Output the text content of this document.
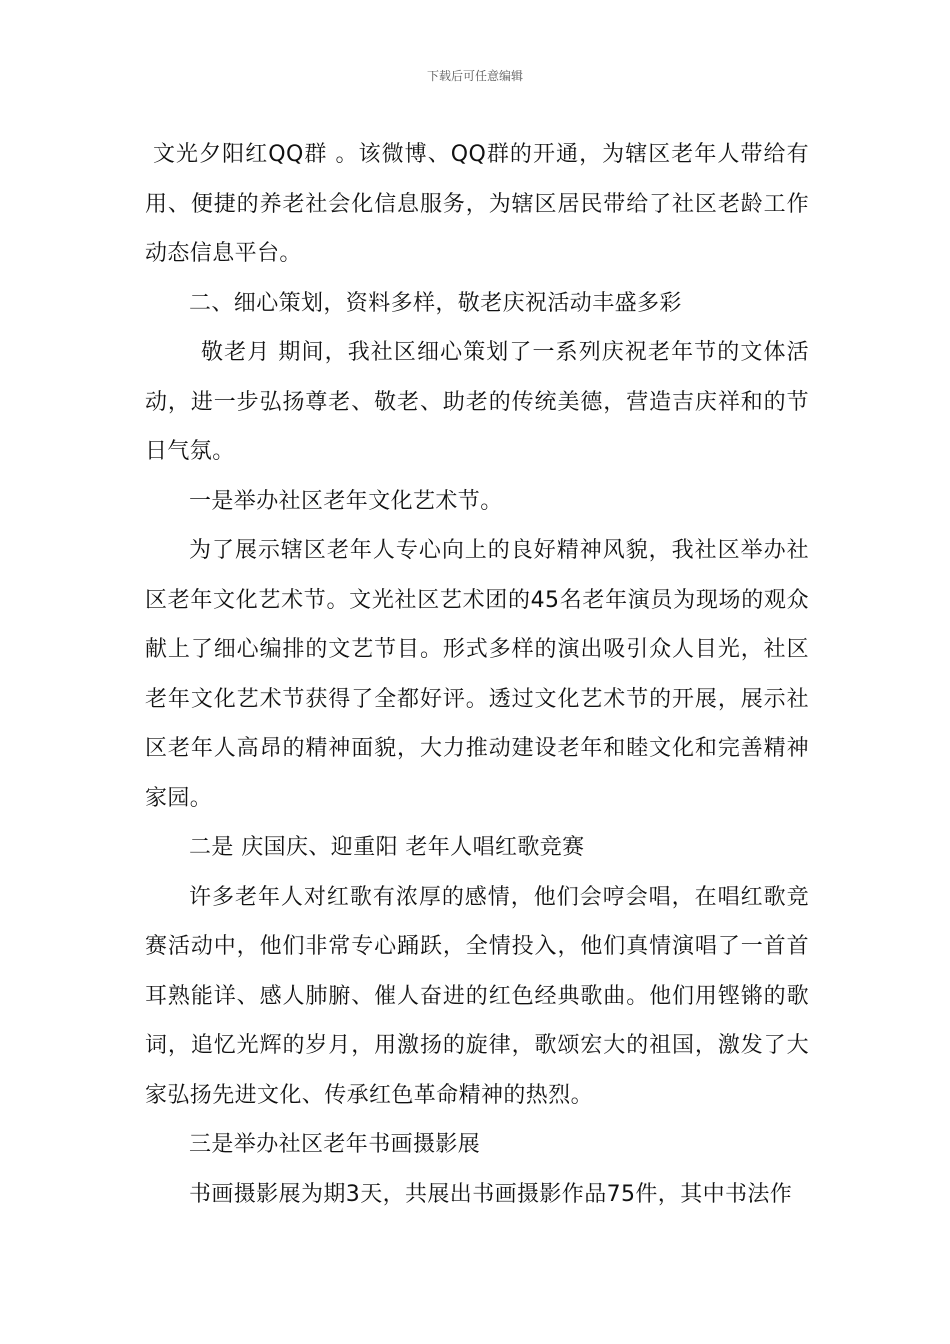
下载后可任意编辑

文光夕阳红QQ群 。该微博、QQ群的开通，为辖区老年人带给有用、便捷的养老社会化信息服务，为辖区居民带给了社区老龄工作动态信息平台。

二、细心策划，资料多样，敬老庆祝活动丰盛多彩

敬老月 期间，我社区细心策划了一系列庆祝老年节的文体活动，进一步弘扬尊老、敬老、助老的传统美德，营造吉庆祥和的节日气氛。

一是举办社区老年文化艺术节。

为了展示辖区老年人专心向上的良好精神风貌，我社区举办社区老年文化艺术节。文光社区艺术团的45名老年演员为现场的观众献上了细心编排的文艺节目。形式多样的演出吸引众人目光，社区老年文化艺术节获得了全都好评。透过文化艺术节的开展，展示社区老年人高昂的精神面貌，大力推动建设老年和睦文化和完善精神家园。

二是 庆国庆、迎重阳 老年人唱红歌竞赛

许多老年人对红歌有浓厚的感情，他们会哼会唱，在唱红歌竞赛活动中，他们非常专心踊跃，全情投入，他们真情演唱了一首首耳熟能详、感人肺腑、催人奋进的红色经典歌曲。他们用铿锵的歌词，追忆光辉的岁月，用激扬的旋律，歌颂宏大的祖国，激发了大家弘扬先进文化、传承红色革命精神的热烈。

三是举办社区老年书画摄影展

书画摄影展为期3天，共展出书画摄影作品75件，其中书法作
